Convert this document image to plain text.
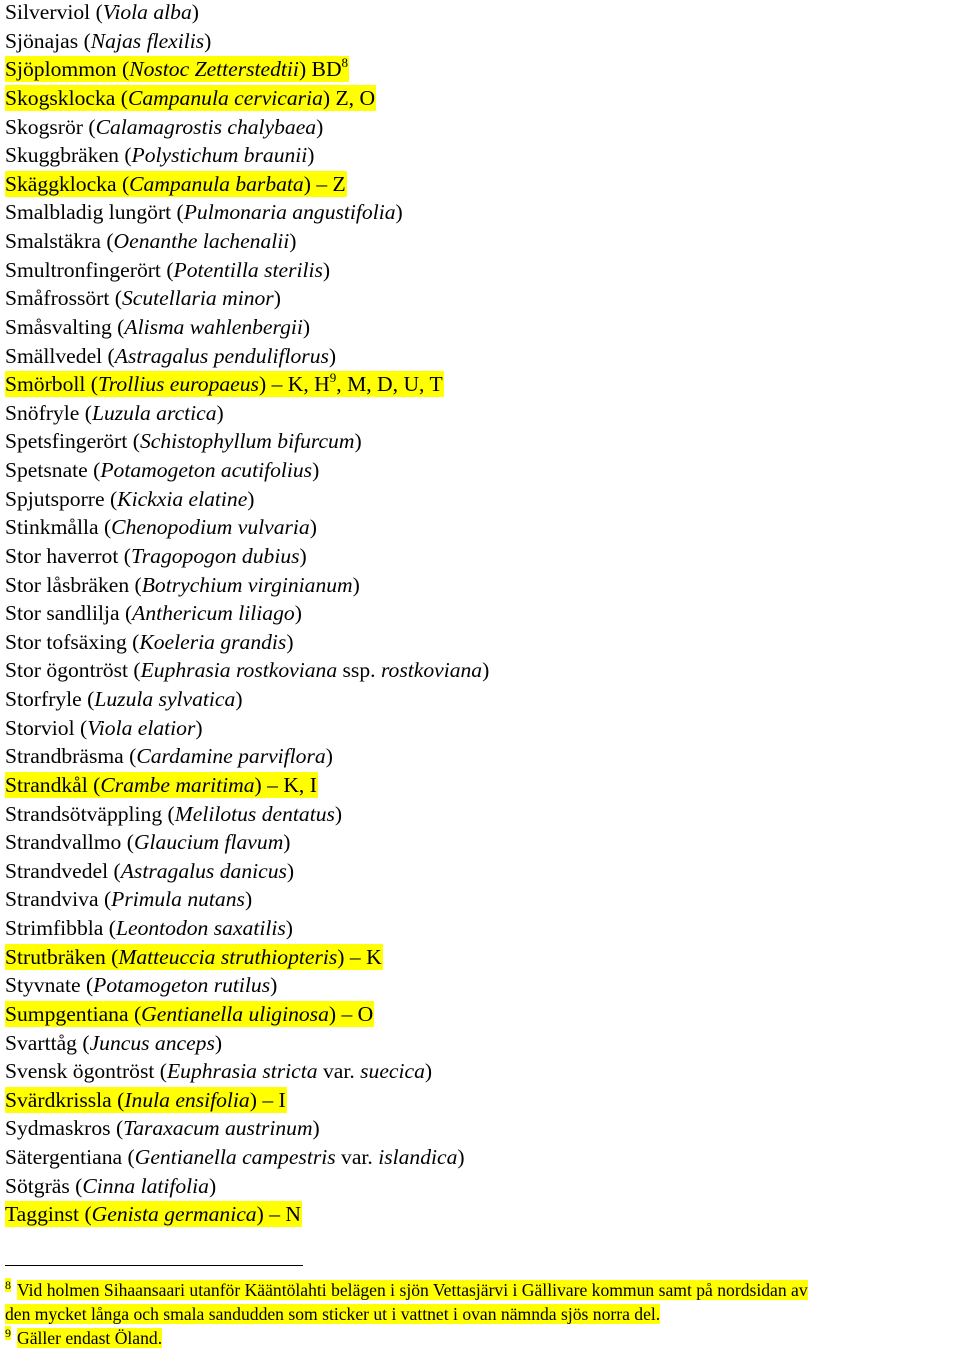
Silverviol (Viola alba)
Sjönajas (Najas flexilis)
Sjöplommon (Nostoc Zetterstedtii) BD$^8$
Skogsklocka (Campanula cervicaria) Z, O
Skogsrör (Calamagrostis chalybaea)
Skuggbräken (Polystichum braunii)
Skäggklocka (Campanula barbata) – Z
Smalbladig lungört (Pulmonaria angustifolia)
Smalstäkra (Oenanthe lachenalii)
Smultronfingerört (Potentilla sterilis)
Småfrossört (Scutellaria minor)
Småsvalting (Alisma wahlenbergii)
Smällvedel (Astragalus penduliflorus)
Smörboll (Trollius europaeus) – K, H$^9$, M, D, U, T
Snöfryle (Luzula arctica)
Spetsfingerört (Schistophyllum bifurcum)
Spetsnate (Potamogeton acutifolius)
Spjutsporre (Kickxia elatine)
Stinkmålla (Chenopodium vulvaria)
Stor haverrot (Tragopogon dubius)
Stor låsbräken (Botrychium virginianum)
Stor sandlilja (Anthericum liliago)
Stor tofsäxing (Koeleria grandis)
Stor ögontröst (Euphrasia rostkoviana ssp. rostkoviana)
Storfryle (Luzula sylvatica)
Storviol (Viola elatior)
Strandbräsma (Cardamine parviflora)
Strandkål (Crambe maritima) – K, I
Strandsötväppling (Melilotus dentatus)
Strandvallmo (Glaucium flavum)
Strandvedel (Astragalus danicus)
Strandviva (Primula nutans)
Strimfibbla (Leontodon saxatilis)
Strutbräken (Matteuccia struthiopteris) – K
Styvnate (Potamogeton rutilus)
Sumpgentiana (Gentianella uliginosa) – O
Svarttåg (Juncus anceps)
Svensk ögontröst (Euphrasia stricta var. suecica)
Svärdkrissla (Inula ensifolia) – I
Sydmaskros (Taraxacum austrinum)
Sätergentiana (Gentianella campestris var. islandica)
Sötgräs (Cinna latifolia)
Tagginst (Genista germanica) – N
$^8$ Vid holmen Sihaansaari utanför Kääntölahti belägen i sjön Vettasjärvi i Gällivare kommun samt på nordsidan av
den mycket långa och smala sandudden som sticker ut i vattnet i ovan nämnda sjös norra del.
$^9$ Gäller endast Öland.
